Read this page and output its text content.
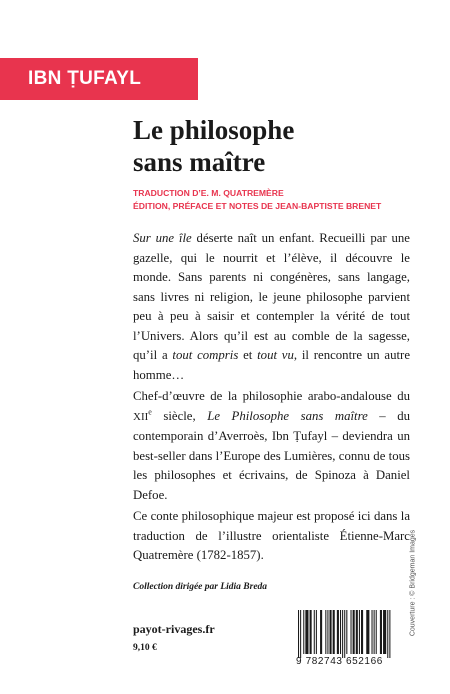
IBN ṬUFAYL
Le philosophe
sans maître
TRADUCTION D’E. M. QUATREMÈRE
ÉDITION, PRÉFACE ET NOTES DE JEAN-BAPTISTE BRENET

Sur une île déserte naît un enfant. Recueilli par une gazelle, qui le nourrit et l’élève, il découvre le monde. Sans parents ni congénères, sans langage, sans livres ni religion, le jeune philosophe parvient peu à peu à saisir et contempler la vérité de tout l’Univers. Alors qu’il est au comble de la sagesse, qu’il a tout compris et tout vu, il rencontre un autre homme…

Chef-d’œuvre de la philosophie arabo-andalouse du XIIe siècle, Le Philosophe sans maître – du contemporain d’Averroès, Ibn Ṭufayl – deviendra un best-seller dans l’Europe des Lumières, connu de tous les philosophes et écrivains, de Spinoza à Daniel Defoe.

Ce conte philosophique majeur est proposé ici dans la traduction de l’illustre orientaliste Étienne-Marc Quatremère (1782-1857).

Collection dirigée par Lidia Breda
payot-rivages.fr
9,10 €
Couverture : © Bridgeman Images
9 782743 652166
